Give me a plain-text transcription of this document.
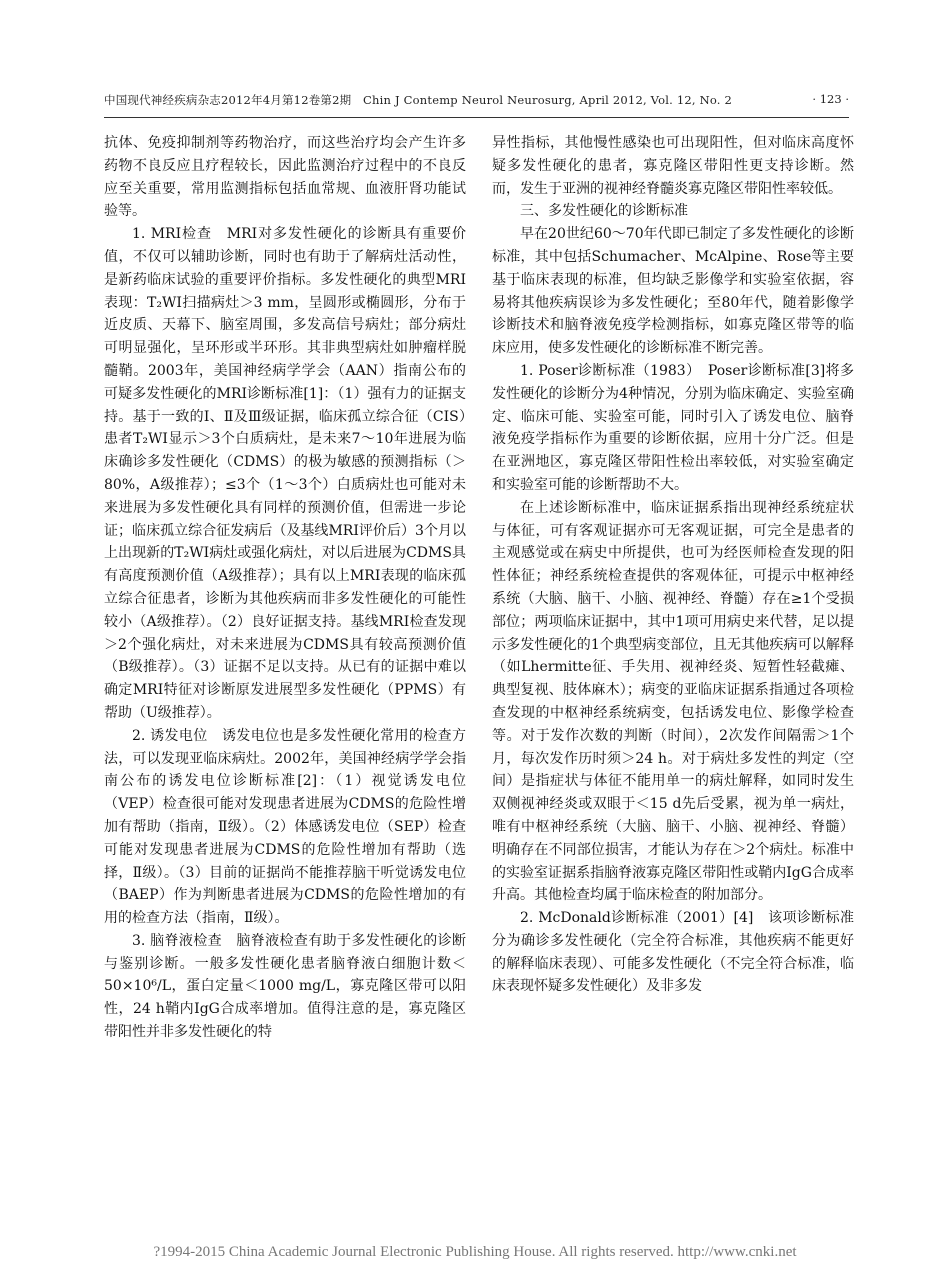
中国现代神经疾病杂志2012年4月第12卷第2期　Chin J Contemp Neurol Neurosurg, April 2012, Vol. 12, No. 2	· 123 ·

抗体、免疫抑制剂等药物治疗，而这些治疗均会产生许多药物不良反应且疗程较长，因此监测治疗过程中的不良反应至关重要，常用监测指标包括血常规、血液肝肾功能试验等。

1. MRI检查　MRI对多发性硬化的诊断具有重要价值，不仅可以辅助诊断，同时也有助于了解病灶活动性，是新药临床试验的重要评价指标。多发性硬化的典型MRI表现：T₂WI扫描病灶＞3 mm，呈圆形或椭圆形，分布于近皮质、天幕下、脑室周围，多发高信号病灶；部分病灶可明显强化，呈环形或半环形。其非典型病灶如肿瘤样脱髓鞘。2003年，美国神经病学学会（AAN）指南公布的可疑多发性硬化的MRI诊断标准[1]：（1）强有力的证据支持。基于一致的Ⅰ、Ⅱ及Ⅲ级证据，临床孤立综合征（CIS）患者T₂WI显示＞3个白质病灶，是未来7～10年进展为临床确诊多发性硬化（CDMS）的极为敏感的预测指标（＞80%，A级推荐）；≤3个（1～3个）白质病灶也可能对未来进展为多发性硬化具有同样的预测价值，但需进一步论证；临床孤立综合征发病后（及基线MRI评价后）3个月以上出现新的T₂WI病灶或强化病灶，对以后进展为CDMS具有高度预测价值（A级推荐）；具有以上MRI表现的临床孤立综合征患者，诊断为其他疾病而非多发性硬化的可能性较小（A级推荐）。（2）良好证据支持。基线MRI检查发现＞2个强化病灶，对未来进展为CDMS具有较高预测价值（B级推荐）。（3）证据不足以支持。从已有的证据中难以确定MRI特征对诊断原发进展型多发性硬化（PPMS）有帮助（U级推荐）。

2. 诱发电位　诱发电位也是多发性硬化常用的检查方法，可以发现亚临床病灶。2002年，美国神经病学学会指南公布的诱发电位诊断标准[2]：（1）视觉诱发电位（VEP）检查很可能对发现患者进展为CDMS的危险性增加有帮助（指南，Ⅱ级）。（2）体感诱发电位（SEP）检查可能对发现患者进展为CDMS的危险性增加有帮助（选择，Ⅱ级）。（3）目前的证据尚不能推荐脑干听觉诱发电位（BAEP）作为判断患者进展为CDMS的危险性增加的有用的检查方法（指南，Ⅱ级）。

3. 脑脊液检查　脑脊液检查有助于多发性硬化的诊断与鉴别诊断。一般多发性硬化患者脑脊液白细胞计数＜50×10⁶/L，蛋白定量＜1000 mg/L，寡克隆区带可以阳性，24 h鞘内IgG合成率增加。值得注意的是，寡克隆区带阳性并非多发性硬化的特

异性指标，其他慢性感染也可出现阳性，但对临床高度怀疑多发性硬化的患者，寡克隆区带阳性更支持诊断。然而，发生于亚洲的视神经脊髓炎寡克隆区带阳性率较低。

三、多发性硬化的诊断标准

早在20世纪60～70年代即已制定了多发性硬化的诊断标准，其中包括Schumacher、McAlpine、Rose等主要基于临床表现的标准，但均缺乏影像学和实验室依据，容易将其他疾病误诊为多发性硬化；至80年代，随着影像学诊断技术和脑脊液免疫学检测指标，如寡克隆区带等的临床应用，使多发性硬化的诊断标准不断完善。

1. Poser诊断标准（1983）　Poser诊断标准[3]将多发性硬化的诊断分为4种情况，分别为临床确定、实验室确定、临床可能、实验室可能，同时引入了诱发电位、脑脊液免疫学指标作为重要的诊断依据，应用十分广泛。但是在亚洲地区，寡克隆区带阳性检出率较低，对实验室确定和实验室可能的诊断帮助不大。

在上述诊断标准中，临床证据系指出现神经系统症状与体征，可有客观证据亦可无客观证据，可完全是患者的主观感觉或在病史中所提供，也可为经医师检查发现的阳性体征；神经系统检查提供的客观体征，可提示中枢神经系统（大脑、脑干、小脑、视神经、脊髓）存在≥1个受损部位；两项临床证据中，其中1项可用病史来代替，足以提示多发性硬化的1个典型病变部位，且无其他疾病可以解释（如Lhermitte征、手失用、视神经炎、短暂性轻截瘫、典型复视、肢体麻木）；病变的亚临床证据系指通过各项检查发现的中枢神经系统病变，包括诱发电位、影像学检查等。对于发作次数的判断（时间），2次发作间隔需＞1个月，每次发作历时须＞24 h。对于病灶多发性的判定（空间）是指症状与体征不能用单一的病灶解释，如同时发生双侧视神经炎或双眼于＜15 d先后受累，视为单一病灶，唯有中枢神经系统（大脑、脑干、小脑、视神经、脊髓）明确存在不同部位损害，才能认为存在＞2个病灶。标准中的实验室证据系指脑脊液寡克隆区带阳性或鞘内IgG合成率升高。其他检查均属于临床检查的附加部分。

2. McDonald诊断标准（2001）[4]　该项诊断标准分为确诊多发性硬化（完全符合标准，其他疾病不能更好的解释临床表现）、可能多发性硬化（不完全符合标准，临床表现怀疑多发性硬化）及非多发

?1994-2015 China Academic Journal Electronic Publishing House. All rights reserved. http://www.cnki.net
